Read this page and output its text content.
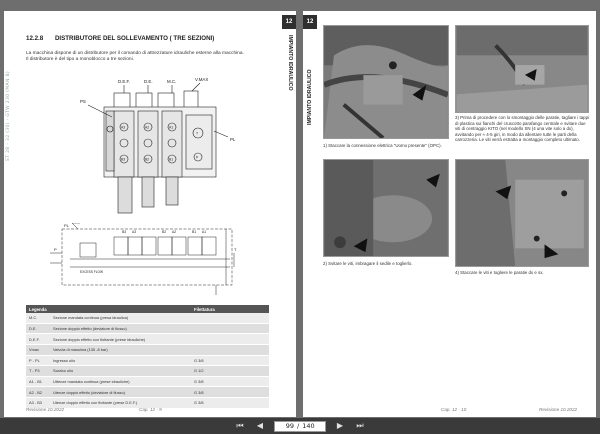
ST 28 - 32 (30) - GTW 230 (MAN B)
12
IMPIANTO IDRAULICO
12.2.8 DISTRIBUTORE DEL SOLLEVAMENTO ( TRE SEZIONI)
La macchina dispone di un distributore per il comando di attrezzature idrauliche esterne alla macchina.
Il distributore è del tipo a monoblocco a tre sezioni.
D.E.F.	D.E.	M.C.	V.MAX
PS
PL
A3	A2	A1
B3	B2	B1
T
P
PL
P	T
EXCESS FLOW
B3 A3	B2 A2	B1 A1
Legenda		Filettatura
M.C.	Sezione mandata continua (presa idraulica)	
D.E.	Sezione doppio effetto (deviatore di flusso)	
D.E.F.	Sezione doppio effetto con flottante (prese idrauliche)	
Vmax	Valvola di massima (135 -8 bar)	
P - PL	Ingresso olio	G 3/8
T - P3	Scarico olio	G 1/2
A1 - B1	Uttenze mandata continua (prese idrauliche)	G 3/8
A2 - B2	Utenze doppio effetto (deviatore di flusso)	G 3/8
A3 - B3	Utenze doppio effetto con flottante (prese D.E.F.)	G 3/8
Revisione 10.2022	Cap. 12 - 9
12
IMPIANTO IDRAULICO
1) Staccare la connessione elettrica "Uomo presente" (OPC).
3) Prima di procedere con lo smontaggio delle paratie, tagliare i tappi di plastica sui fianchi del cruscotto parafango centrale e svitare due viti di centraggio KITO (nel modello SN (4 una vite solo a dx), avvitando per ≈ 4-5 giri, in modo da allentare tutte le parti della carrozzeria. Le viti verrà estratta a montaggio completo ultimato.
2) Svitare le viti, imbragare il sedile e toglierlo.
4) Staccare le viti e togliere le paratie dx e sx.
Cap. 12 - 10	Revisione 10.2022
⏮	◀	99 / 140	▶	⏭
